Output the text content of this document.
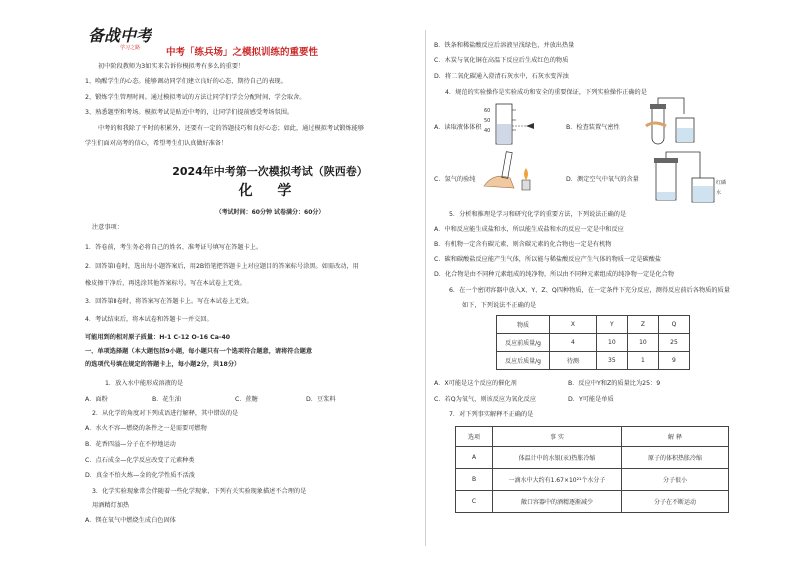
备战中考
学习之路	中考「练兵场」之模拟训练的重要性
初中阶段教师为3如实来告诉你模拟考有多么的重要！
1、唤醒学生的心态。能够调动同学们建立良好的心态，期待自己的表现。
2、锻炼学生管理时间。通过模拟考试的方法让同学们学会分配时间，学会取舍。
3、熟悉题型和考场。模拟考试是贴近中考的，让同学们提前感受考场氛围。
中考的和我除了平时的积累外，还要有一定的答题技巧和良好心态；如此，通过模拟考试锻炼能够
学生们面对高考的信心，希望考生们认真做好准备！
2024年中考第一次模拟考试（陕西卷）
化 学
（考试时间：60分钟 试卷满分：60分）
注意事项：
1．答卷前，考生务必将自己的姓名、准考证号填写在答题卡上。
2．回答第Ⅰ卷时，选出每小题答案后，用2B铅笔把答题卡上对应题目的答案标号涂黑。如需改动，用
橡皮擦干净后，再选涂其他答案标号。写在本试卷上无效。
3．回答第Ⅱ卷时，将答案写在答题卡上。写在本试卷上无效。
4．考试结束后，将本试卷和答题卡一并交回。
可能用到的相对原子质量：H-1 C-12 O-16 Ca-40
一、单项选择题（本大题包括9小题，每小题只有一个选项符合题意，请将符合题意
的选项代号填在规定的答题卡上，每小题2分，共18分）
1．放入水中能形成溶液的是
A．面粉	B．花生油	C．蔗糖	D．豆浆料
2．从化学的角度对下列成语进行解释，其中错误的是
A．水火不容—燃烧的条件之一是需要可燃物
B．花香四溢—分子在不停地运动
C．点石成金—化学反应改变了元素种类
D．真金不怕火炼—金的化学性质不活泼
3．化学实验现象常会伴随着一些化学现象，下列有关实验现象描述不合理的是
用酒精灯加热
A．镁在氧气中燃烧生成白色固体
B．铁条和稀盐酸反应后溶液呈浅绿色，并放出热量
C．木炭与氧化铜在高温下反应后生成红色的物质
D．将二氧化碳通入澄清石灰水中，石灰水变浑浊
4．规范的实验操作是实验成功和安全的重要保证，下列实验操作正确的是
A．读取液体体积
60
50
40	B．检查装置气密性
C．氢气的验纯	D．测定空气中氧气的含量	红磷
水
5．分析和推理是学习和研究化学的重要方法，下列说法正确的是
A．中和反应能生成盐和水，所以能生成盐和水的反应一定是中和反应
B．有机物一定含有碳元素，则含碳元素的化合物也一定是有机物
C．碳和碳酸盐反应能产生气体，所以能与稀盐酸反应产生气体的物质一定是碳酸盐
D．化合物是由不同种元素组成的纯净物，所以由不同种元素组成的纯净物一定是化合物
6．在一个密闭容器中放入X、Y、Z、Q四种物质，在一定条件下充分反应，测得反应前后各物质的质量
如下，下列说法不正确的是
物质	X	Y	Z	Q
反应前质量/g	4	10	10	25
反应后质量/g	待测	35	1	9
A．X可能是这个反应的催化剂	B．反应中Y和Z的质量比为25：9
C．若Q为氧气，则该反应为氧化反应	D．Y可能是单质
7．对下列事实解释不正确的是
选项	事 实	解 释
A	体温计中的水银(汞)热胀冷缩	原子的体积热胀冷缩
B	一滴水中大约有1.67×10²¹个水分子	分子很小
C	敞口容器中的酒精逐渐减少	分子在不断运动
